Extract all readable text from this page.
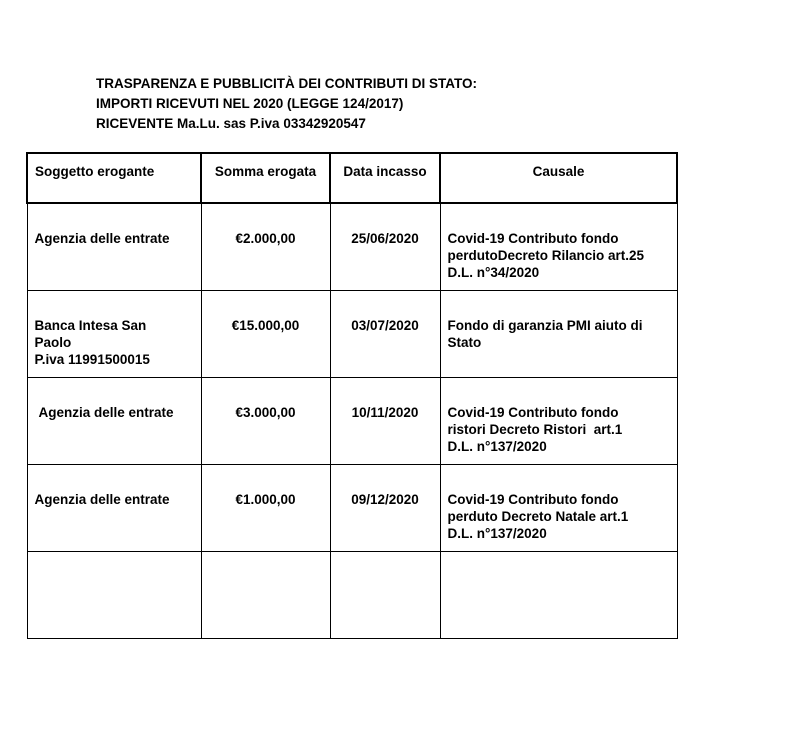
TRASPARENZA E PUBBLICITÀ DEI CONTRIBUTI DI STATO:
IMPORTI RICEVUTI NEL 2020 (LEGGE 124/2017)
RICEVENTE Ma.Lu. sas P.iva 03342920547
Soggetto erogante	Somma erogata	Data incasso	Causale

Agenzia delle entrate	€2.000,00	25/06/2020	Covid-19 Contributo fondo
perdutoDecreto Rilancio art.25
D.L. n°34/2020

Banca Intesa San
Paolo
P.iva 11991500015	€15.000,00	03/07/2020	Fondo di garanzia PMI aiuto di
Stato

Agenzia delle entrate	€3.000,00	10/11/2020	Covid-19 Contributo fondo
ristori Decreto Ristori  art.1
D.L. n°137/2020

Agenzia delle entrate	€1.000,00	09/12/2020	Covid-19 Contributo fondo
perduto Decreto Natale art.1
D.L. n°137/2020
